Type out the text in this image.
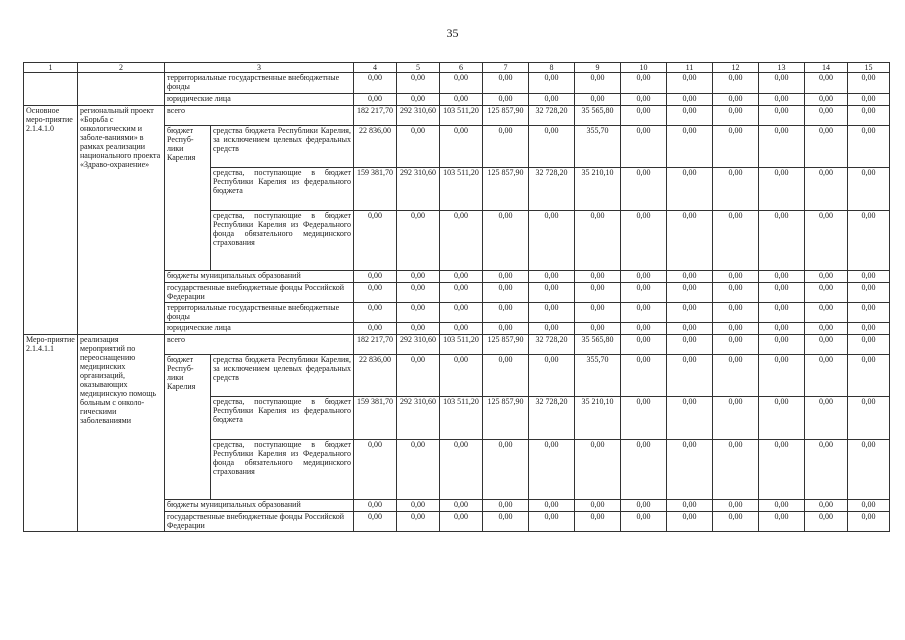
35
1	2	3		4	5	6	7	8	9	10	11	12	13	14	15
		территориальные государственные внебюджетные фонды		0,00	0,00	0,00	0,00	0,00	0,00	0,00	0,00	0,00	0,00	0,00	0,00
		юридические лица		0,00	0,00	0,00	0,00	0,00	0,00	0,00	0,00	0,00	0,00	0,00	0,00
Основное меро-приятие 2.1.4.1.0	региональный проект «Борьба с онкологическим и заболе-ваниями» в рамках реализации национального проекта «Здраво-охранение»	всего		182 217,70	292 310,60	103 511,20	125 857,90	32 728,20	35 565,80	0,00	0,00	0,00	0,00	0,00	0,00
		бюджет Респуб-лики Карелия	средства бюджета Республики Карелия, за исключением целевых федеральных средств	22 836,00	0,00	0,00	0,00	0,00	355,70	0,00	0,00	0,00	0,00	0,00	0,00
			средства, поступающие в бюджет Республики Карелия из федерального бюджета	159 381,70	292 310,60	103 511,20	125 857,90	32 728,20	35 210,10	0,00	0,00	0,00	0,00	0,00	0,00
			средства, поступающие в бюджет Республики Карелия из Федерального фонда обязательного медицинского страхования	0,00	0,00	0,00	0,00	0,00	0,00	0,00	0,00	0,00	0,00	0,00	0,00
		бюджеты муниципальных образований		0,00	0,00	0,00	0,00	0,00	0,00	0,00	0,00	0,00	0,00	0,00	0,00
		государственные внебюджетные фонды Российской Федерации		0,00	0,00	0,00	0,00	0,00	0,00	0,00	0,00	0,00	0,00	0,00	0,00
		территориальные государственные внебюджетные фонды		0,00	0,00	0,00	0,00	0,00	0,00	0,00	0,00	0,00	0,00	0,00	0,00
		юридические лица		0,00	0,00	0,00	0,00	0,00	0,00	0,00	0,00	0,00	0,00	0,00	0,00
Меро-приятие 2.1.4.1.1	реализация мероприятий по переоснащению медицинских организаций, оказывающих медицинскую помощь больным с онколо-гическими заболеваниями	всего		182 217,70	292 310,60	103 511,20	125 857,90	32 728,20	35 565,80	0,00	0,00	0,00	0,00	0,00	0,00
		бюджет Респуб-лики Карелия	средства бюджета Республики Карелия, за исключением целевых федеральных средств	22 836,00	0,00	0,00	0,00	0,00	355,70	0,00	0,00	0,00	0,00	0,00	0,00
			средства, поступающие в бюджет Республики Карелия из федерального бюджета	159 381,70	292 310,60	103 511,20	125 857,90	32 728,20	35 210,10	0,00	0,00	0,00	0,00	0,00	0,00
			средства, поступающие в бюджет Республики Карелия из Федерального фонда обязательного медицинского страхования	0,00	0,00	0,00	0,00	0,00	0,00	0,00	0,00	0,00	0,00	0,00	0,00
		бюджеты муниципальных образований		0,00	0,00	0,00	0,00	0,00	0,00	0,00	0,00	0,00	0,00	0,00	0,00
		государственные внебюджетные фонды Российской Федерации		0,00	0,00	0,00	0,00	0,00	0,00	0,00	0,00	0,00	0,00	0,00	0,00
